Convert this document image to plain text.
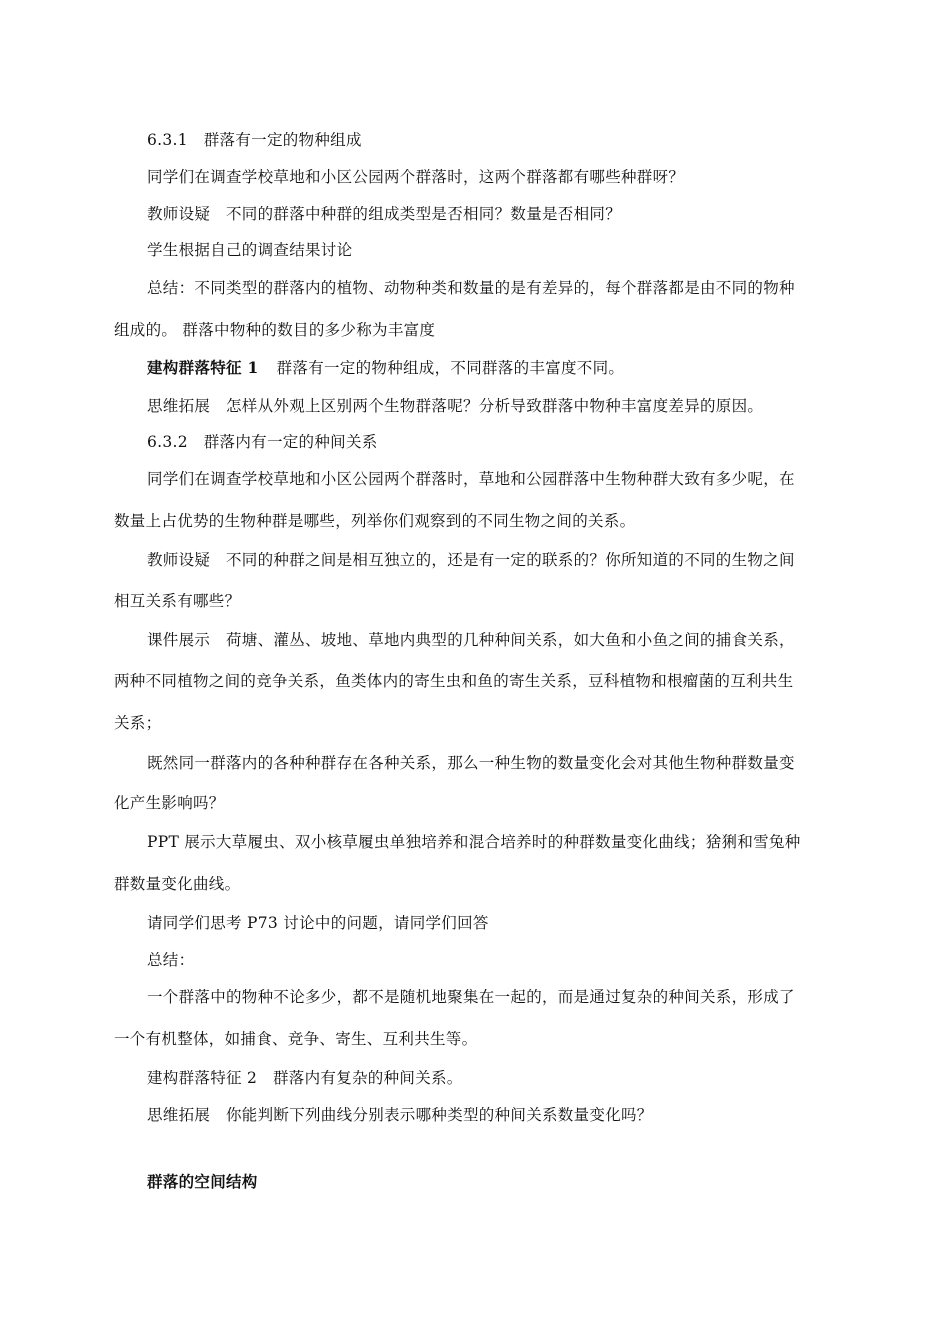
6.3.1　群落有一定的物种组成
同学们在调查学校草地和小区公园两个群落时，这两个群落都有哪些种群呀？
教师设疑　不同的群落中种群的组成类型是否相同？数量是否相同？
学生根据自己的调查结果讨论
总结：不同类型的群落内的植物、动物种类和数量的是有差异的，每个群落都是由不同的物种
组成的。 群落中物种的数目的多少称为丰富度
建构群落特征 1 群落有一定的物种组成，不同群落的丰富度不同。
思维拓展　怎样从外观上区别两个生物群落呢？分析导致群落中物种丰富度差异的原因。
6.3.2　群落内有一定的种间关系
同学们在调查学校草地和小区公园两个群落时，草地和公园群落中生物种群大致有多少呢，在
数量上占优势的生物种群是哪些，列举你们观察到的不同生物之间的关系。
教师设疑　不同的种群之间是相互独立的，还是有一定的联系的？你所知道的不同的生物之间
相互关系有哪些？
课件展示　荷塘、灌丛、坡地、草地内典型的几种种间关系，如大鱼和小鱼之间的捕食关系，
两种不同植物之间的竞争关系，鱼类体内的寄生虫和鱼的寄生关系，豆科植物和根瘤菌的互利共生
关系；
既然同一群落内的各种种群存在各种关系，那么一种生物的数量变化会对其他生物种群数量变
化产生影响吗？
PPT 展示大草履虫、双小核草履虫单独培养和混合培养时的种群数量变化曲线；猞猁和雪兔种
群数量变化曲线。
请同学们思考 P73 讨论中的问题，请同学们回答
总结：
一个群落中的物种不论多少，都不是随机地聚集在一起的，而是通过复杂的种间关系，形成了
一个有机整体，如捕食、竞争、寄生、互利共生等。
建构群落特征 2　群落内有复杂的种间关系。
思维拓展　你能判断下列曲线分别表示哪种类型的种间关系数量变化吗？
群落的空间结构
